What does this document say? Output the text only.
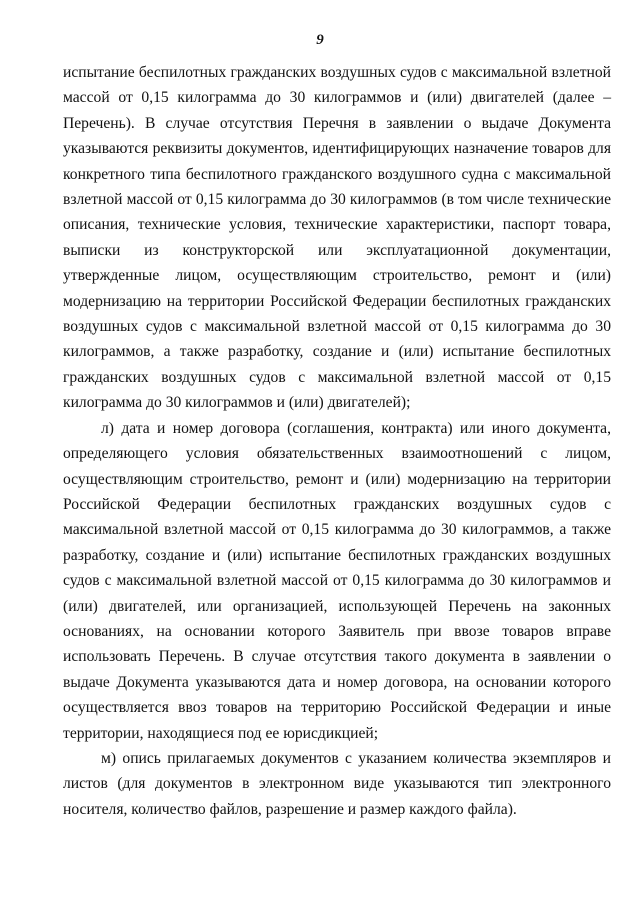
9

испытание беспилотных гражданских воздушных судов с максимальной взлетной массой от 0,15 килограмма до 30 килограммов и (или) двигателей (далее – Перечень). В случае отсутствия Перечня в заявлении о выдаче Документа указываются реквизиты документов, идентифицирующих назначение товаров для конкретного типа беспилотного гражданского воздушного судна с максимальной взлетной массой от 0,15 килограмма до 30 килограммов (в том числе технические описания, технические условия, технические характеристики, паспорт товара, выписки из конструкторской или эксплуатационной документации, утвержденные лицом, осуществляющим строительство, ремонт и (или) модернизацию на территории Российской Федерации беспилотных гражданских воздушных судов с максимальной взлетной массой от 0,15 килограмма до 30 килограммов, а также разработку, создание и (или) испытание беспилотных гражданских воздушных судов с максимальной взлетной массой от 0,15 килограмма до 30 килограммов и (или) двигателей);

л) дата и номер договора (соглашения, контракта) или иного документа, определяющего условия обязательственных взаимоотношений с лицом, осуществляющим строительство, ремонт и (или) модернизацию на территории Российской Федерации беспилотных гражданских воздушных судов с максимальной взлетной массой от 0,15 килограмма до 30 килограммов, а также разработку, создание и (или) испытание беспилотных гражданских воздушных судов с максимальной взлетной массой от 0,15 килограмма до 30 килограммов и (или) двигателей, или организацией, использующей Перечень на законных основаниях, на основании которого Заявитель при ввозе товаров вправе использовать Перечень. В случае отсутствия такого документа в заявлении о выдаче Документа указываются дата и номер договора, на основании которого осуществляется ввоз товаров на территорию Российской Федерации и иные территории, находящиеся под ее юрисдикцией;

м) опись прилагаемых документов с указанием количества экземпляров и листов (для документов в электронном виде указываются тип электронного носителя, количество файлов, разрешение и размер каждого файла).
